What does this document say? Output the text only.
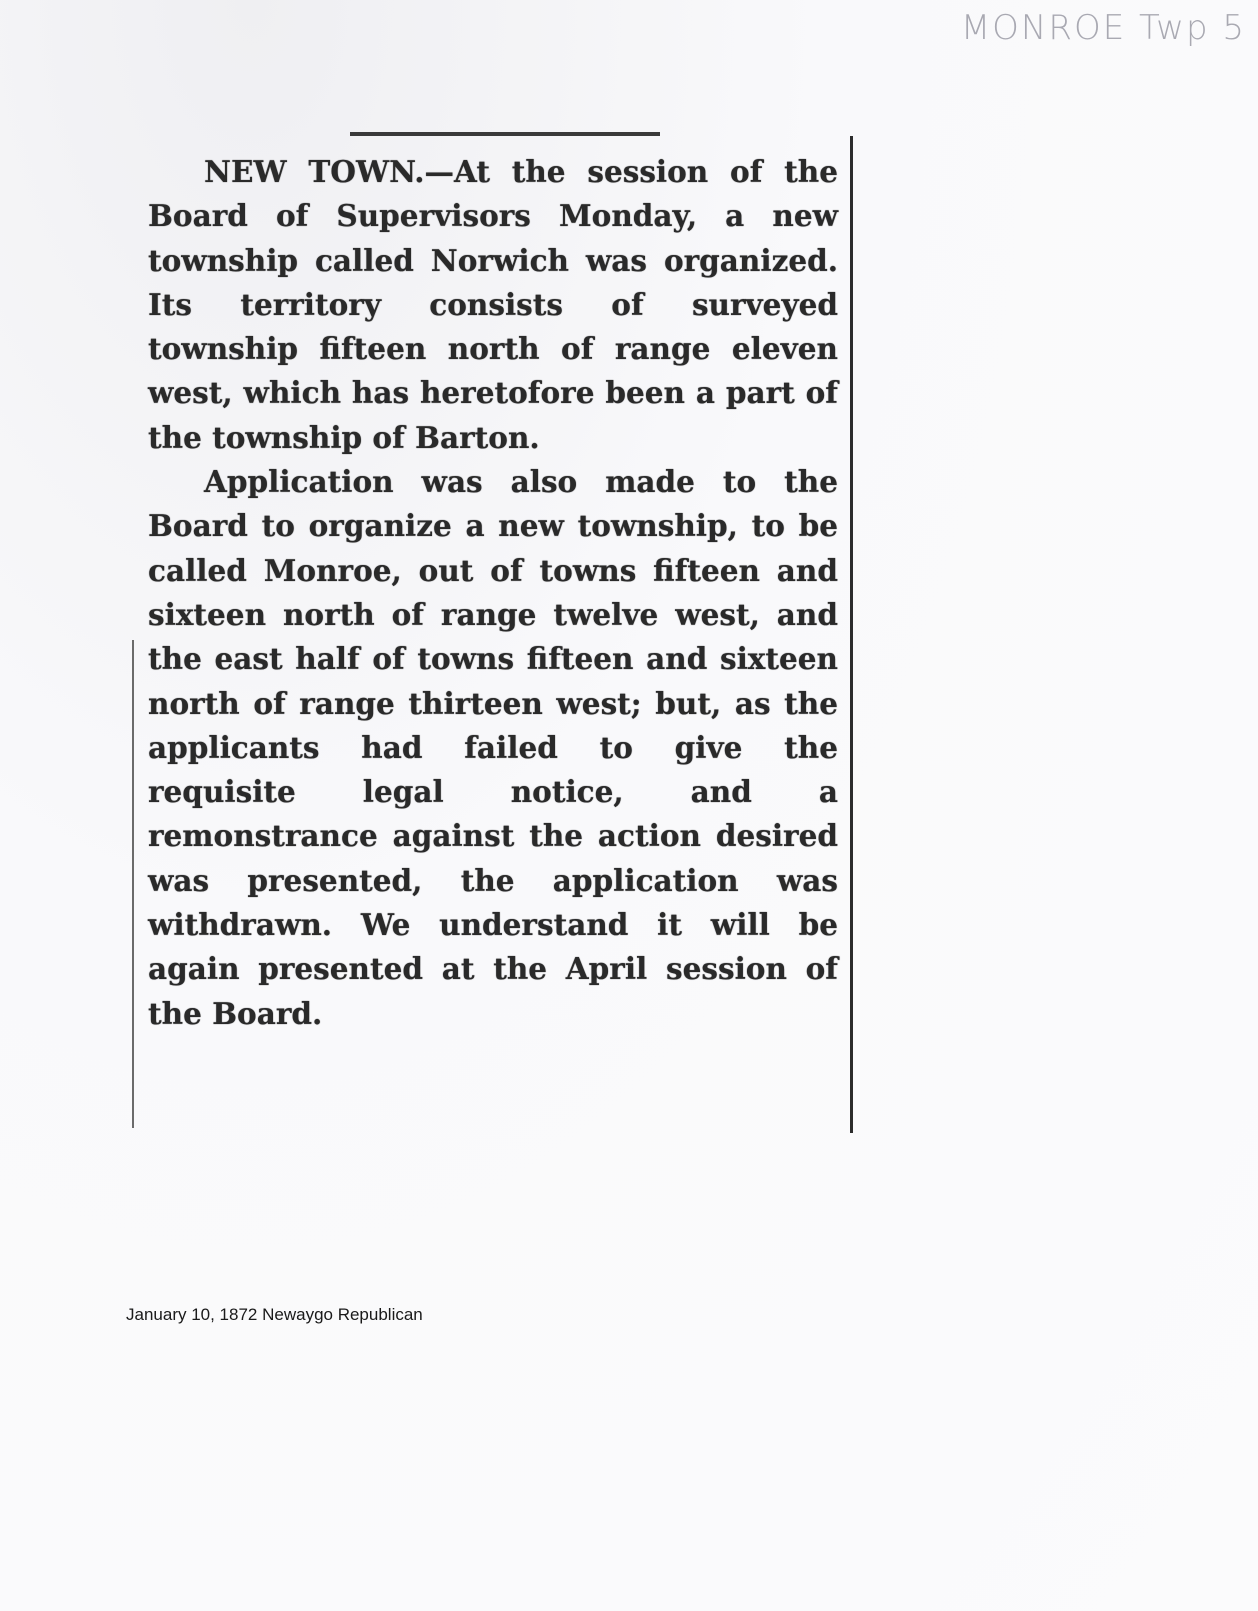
MONROE Twp 5

NEW TOWN.—At the session of the Board of Supervisors Monday, a new township called Norwich was organized. Its territory consists of surveyed township fifteen north of range eleven west, which has heretofore been a part of the township of Barton.

Application was also made to the Board to organize a new township, to be called Monroe, out of towns fifteen and sixteen north of range twelve west, and the east half of towns fifteen and sixteen north of range thirteen west; but, as the applicants had failed to give the requisite legal notice, and a remonstrance against the action desired was presented, the application was withdrawn. We understand it will be again presented at the April session of the Board.

January 10, 1872 Newaygo Republican
